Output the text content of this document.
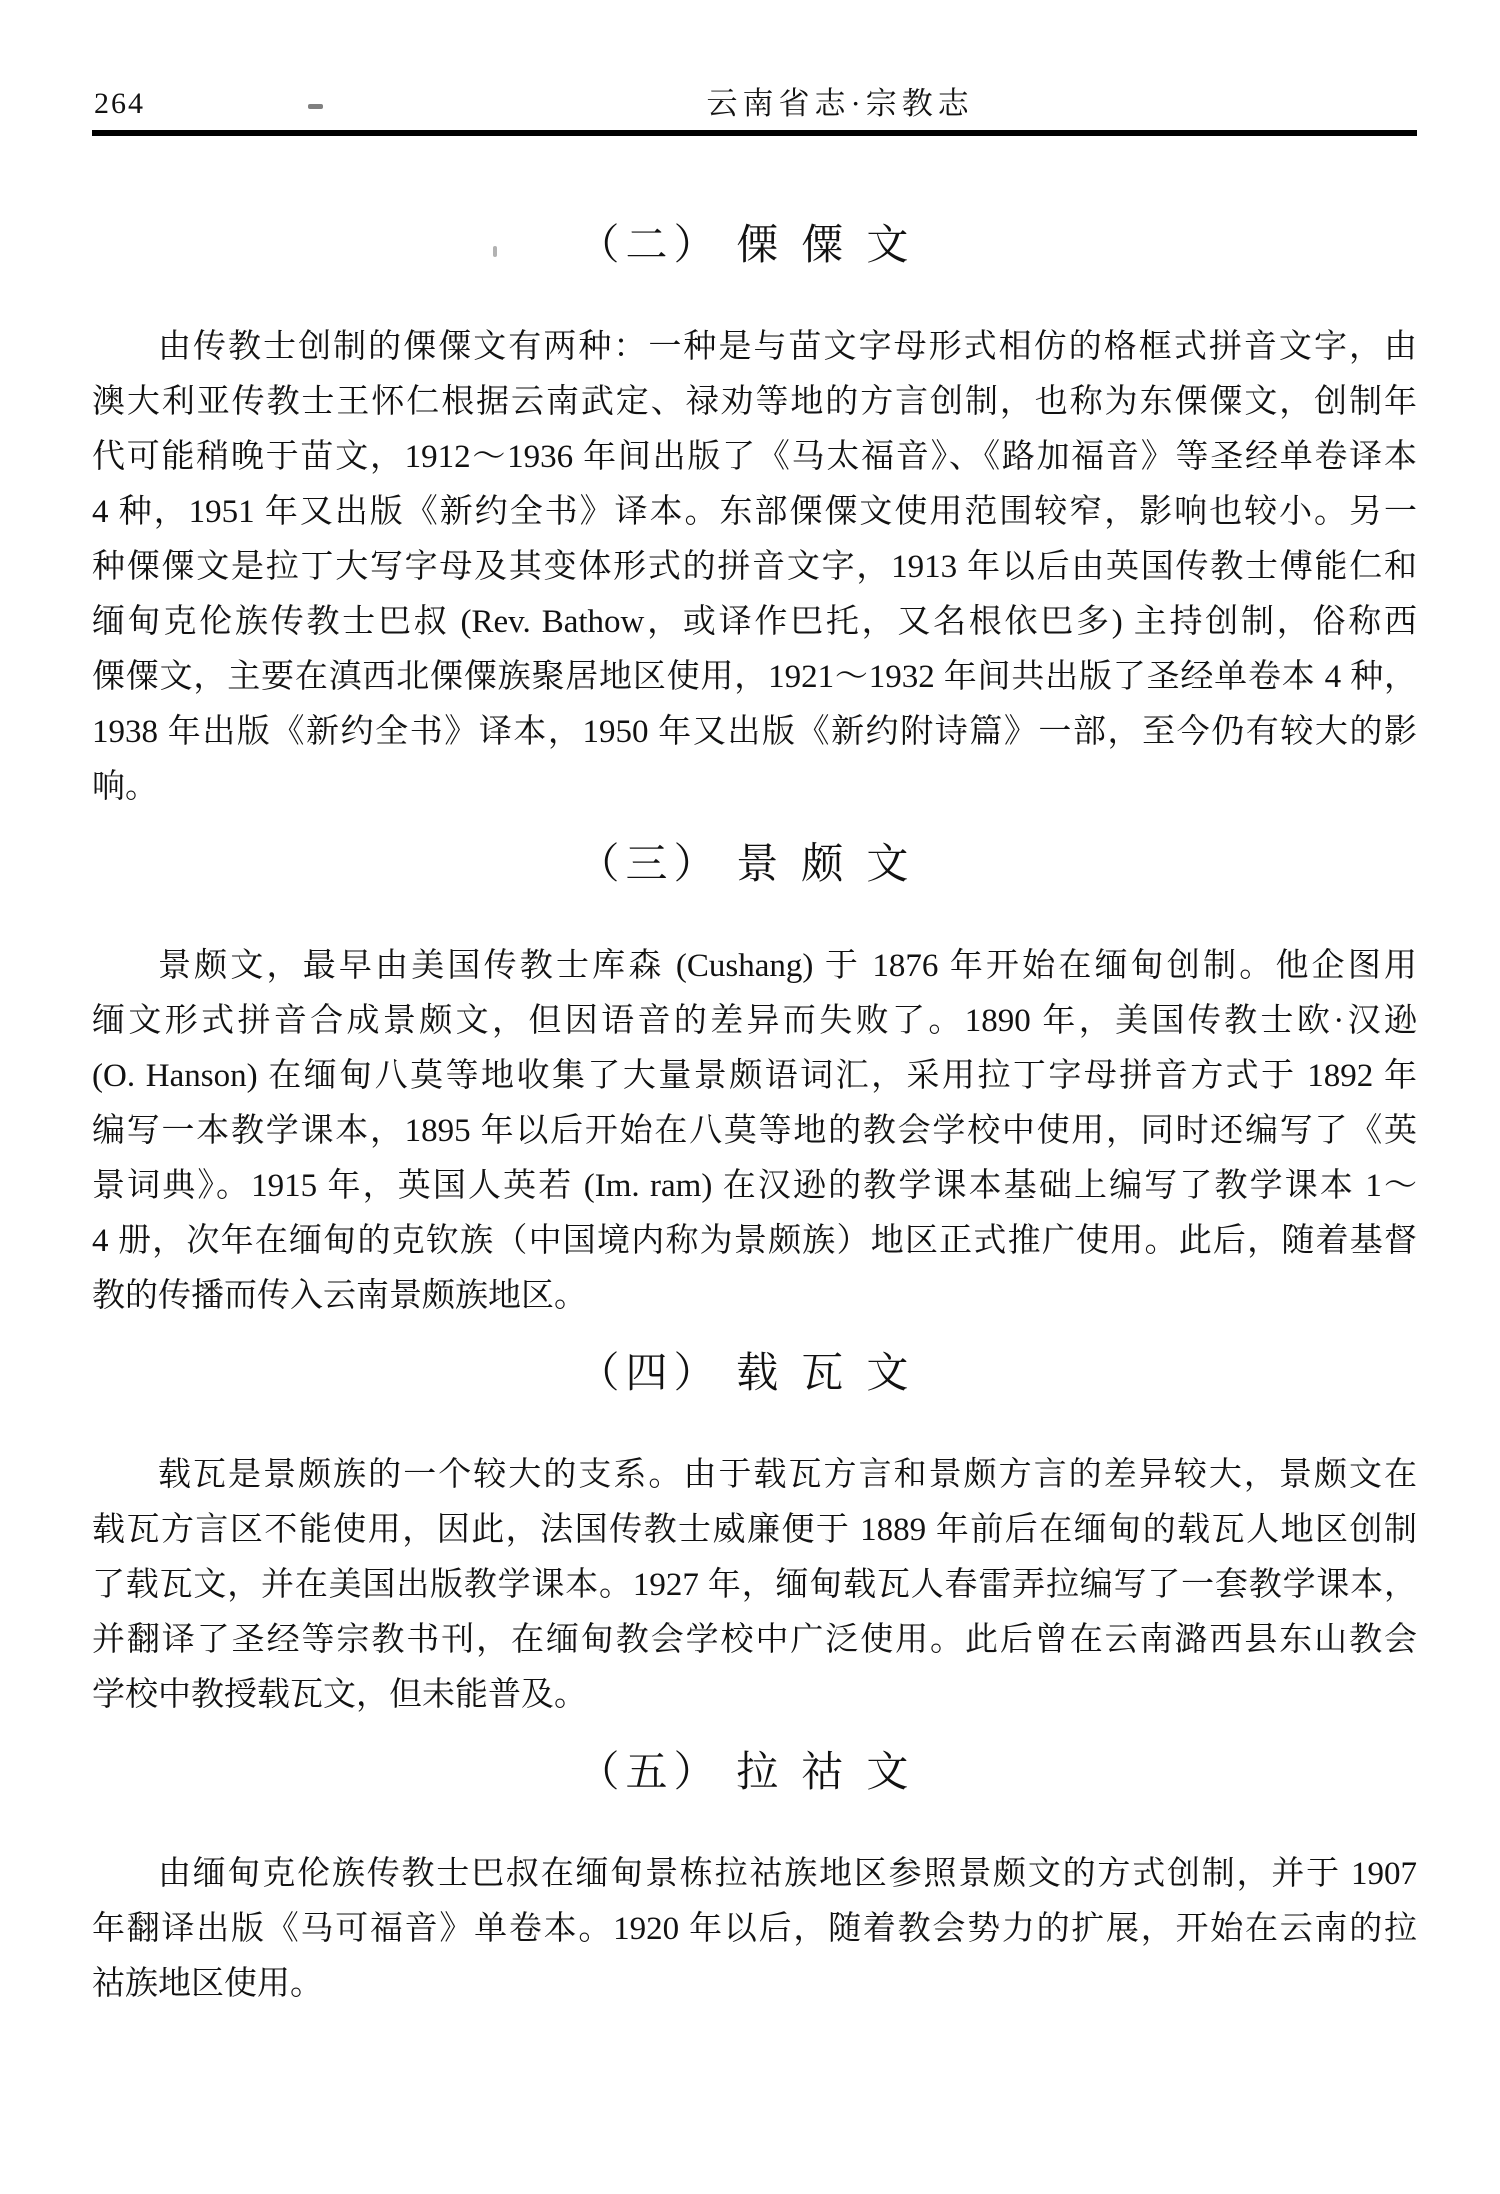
264	云南省志·宗教志
（二） 傈僳文
由传教士创制的傈僳文有两种：一种是与苗文字母形式相仿的格框式拼音文字，由
澳大利亚传教士王怀仁根据云南武定、禄劝等地的方言创制，也称为东傈僳文，创制年
代可能稍晚于苗文，1912～1936 年间出版了《马太福音》、《路加福音》等圣经单卷译本
4 种，1951 年又出版《新约全书》译本。东部傈僳文使用范围较窄，影响也较小。另一
种傈僳文是拉丁大写字母及其变体形式的拼音文字，1913 年以后由英国传教士傅能仁和
缅甸克伦族传教士巴叔 (Rev. Bathow，或译作巴托，又名根依巴多) 主持创制，俗称西
傈僳文，主要在滇西北傈僳族聚居地区使用，1921～1932 年间共出版了圣经单卷本 4 种，
1938 年出版《新约全书》译本，1950 年又出版《新约附诗篇》一部，至今仍有较大的影
响。
（三） 景颇文
景颇文，最早由美国传教士库森 (Cushang) 于 1876 年开始在缅甸创制。他企图用
缅文形式拼音合成景颇文，但因语音的差异而失败了。1890 年，美国传教士欧·汉逊
(O. Hanson) 在缅甸八莫等地收集了大量景颇语词汇，采用拉丁字母拼音方式于 1892 年
编写一本教学课本，1895 年以后开始在八莫等地的教会学校中使用，同时还编写了《英
景词典》。1915 年，英国人英若 (Im. ram) 在汉逊的教学课本基础上编写了教学课本 1～
4 册，次年在缅甸的克钦族（中国境内称为景颇族）地区正式推广使用。此后，随着基督
教的传播而传入云南景颇族地区。
（四） 载瓦文
载瓦是景颇族的一个较大的支系。由于载瓦方言和景颇方言的差异较大，景颇文在
载瓦方言区不能使用，因此，法国传教士威廉便于 1889 年前后在缅甸的载瓦人地区创制
了载瓦文，并在美国出版教学课本。1927 年，缅甸载瓦人春雷弄拉编写了一套教学课本，
并翻译了圣经等宗教书刊，在缅甸教会学校中广泛使用。此后曾在云南潞西县东山教会
学校中教授载瓦文，但未能普及。
（五） 拉祜文
由缅甸克伦族传教士巴叔在缅甸景栋拉祜族地区参照景颇文的方式创制，并于 1907
年翻译出版《马可福音》单卷本。1920 年以后，随着教会势力的扩展，开始在云南的拉
祜族地区使用。
